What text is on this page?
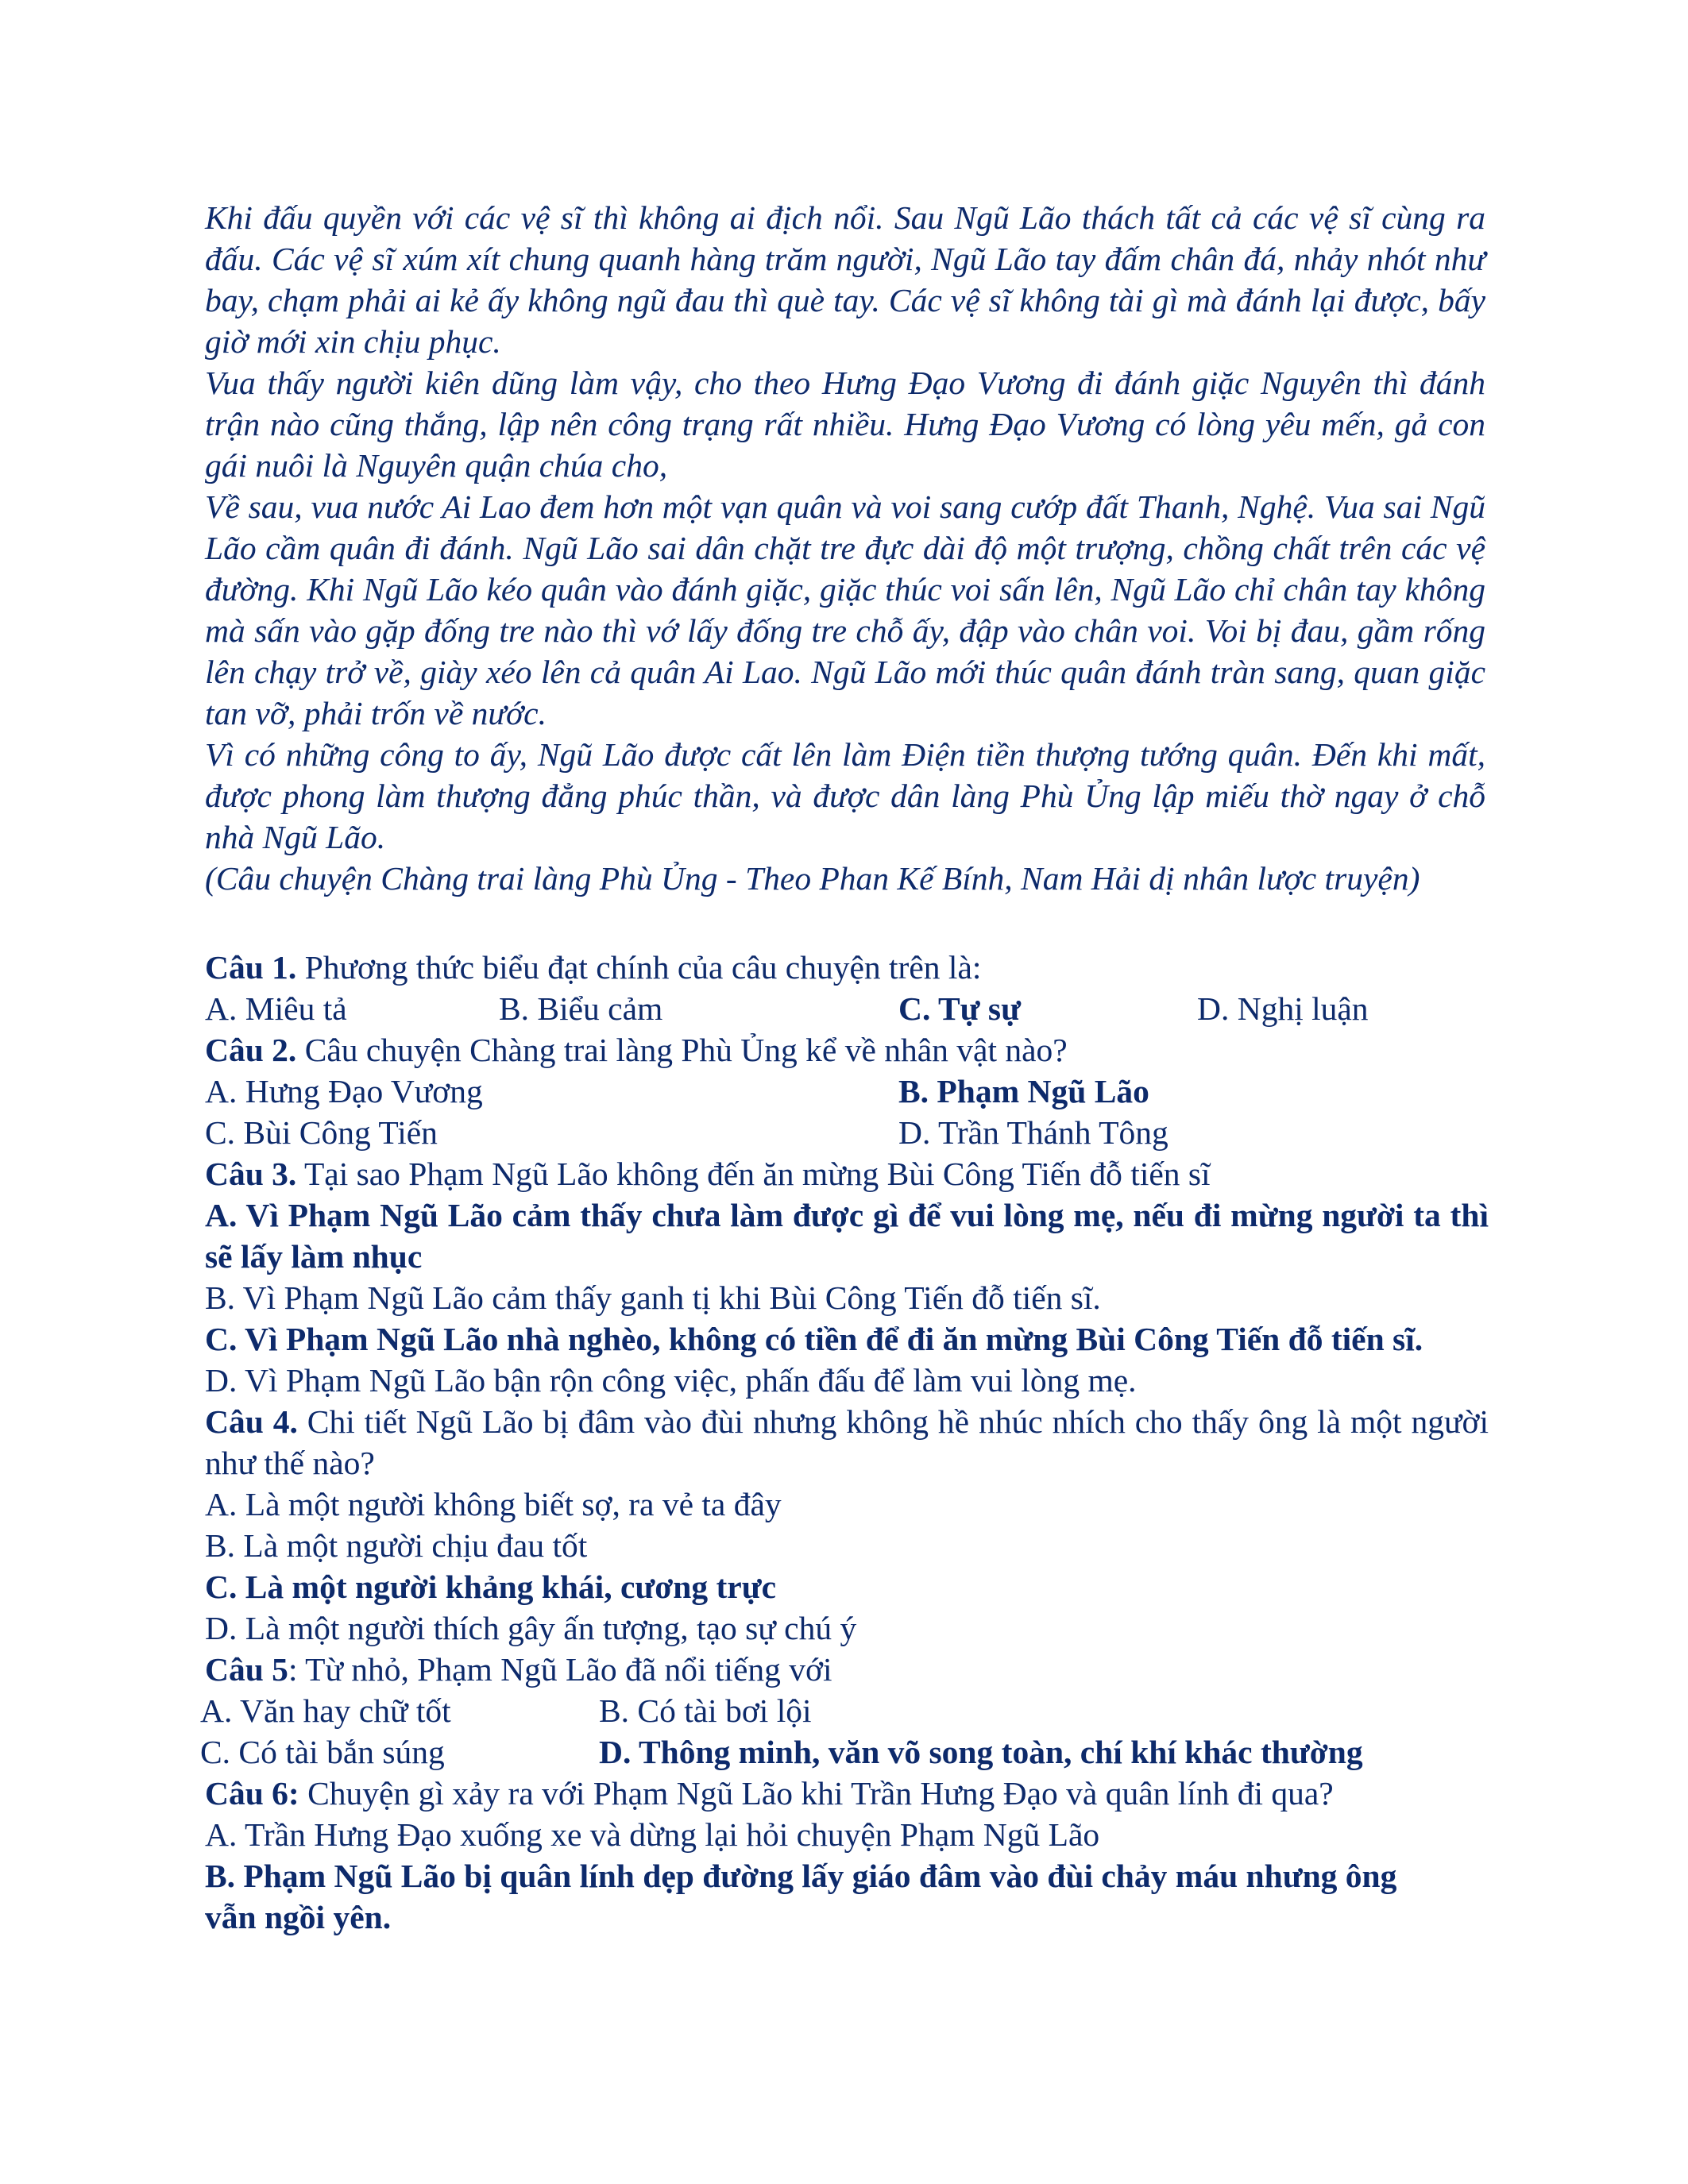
Khi đấu quyền với các vệ sĩ thì không ai địch nổi. Sau Ngũ Lão thách tất cả các vệ sĩ cùng ra đấu. Các vệ sĩ xúm xít chung quanh hàng trăm người, Ngũ Lão tay đấm chân đá, nhảy nhót như bay, chạm phải ai kẻ ấy không ngũ đau thì què tay. Các vệ sĩ không tài gì mà đánh lại được, bấy giờ mới xin chịu phục.

Vua thấy người kiên dũng làm vậy, cho theo Hưng Đạo Vương đi đánh giặc Nguyên thì đánh trận nào cũng thắng, lập nên công trạng rất nhiều. Hưng Đạo Vương có lòng yêu mến, gả con gái nuôi là Nguyên quận chúa cho,

Về sau, vua nước Ai Lao đem hơn một vạn quân và voi sang cướp đất Thanh, Nghệ. Vua sai Ngũ Lão cầm quân đi đánh. Ngũ Lão sai dân chặt tre đực dài độ một trượng, chồng chất trên các vệ đường. Khi Ngũ Lão kéo quân vào đánh giặc, giặc thúc voi sấn lên, Ngũ Lão chỉ chân tay không mà sấn vào gặp đống tre nào thì vớ lấy đống tre chỗ ấy, đập vào chân voi. Voi bị đau, gầm rống lên chạy trở về, giày xéo lên cả quân Ai Lao. Ngũ Lão mới thúc quân đánh tràn sang, quan giặc tan vỡ, phải trốn về nước.

Vì có những công to ấy, Ngũ Lão được cất lên làm Điện tiền thượng tướng quân. Đến khi mất, được phong làm thượng đẳng phúc thần, và được dân làng Phù Ủng lập miếu thờ ngay ở chỗ nhà Ngũ Lão.

(Câu chuyện Chàng trai làng Phù Ủng - Theo Phan Kế Bính, Nam Hải dị nhân lược truyện)

Câu 1. Phương thức biểu đạt chính của câu chuyện trên là:

A. Miêu tả	B. Biểu cảm	C. Tự sự	D. Nghị luận

Câu 2. Câu chuyện Chàng trai làng Phù Ủng kể về nhân vật nào?

A. Hưng Đạo Vương	B. Phạm Ngũ Lão
C. Bùi Công Tiến	D. Trần Thánh Tông

Câu 3. Tại sao Phạm Ngũ Lão không đến ăn mừng Bùi Công Tiến đỗ tiến sĩ

A. Vì Phạm Ngũ Lão cảm thấy chưa làm được gì để vui lòng mẹ, nếu đi mừng người ta thì sẽ lấy làm nhục

B. Vì Phạm Ngũ Lão cảm thấy ganh tị khi Bùi Công Tiến đỗ tiến sĩ.

C. Vì Phạm Ngũ Lão nhà nghèo, không có tiền để đi ăn mừng Bùi Công Tiến đỗ tiến sĩ.

D. Vì Phạm Ngũ Lão bận rộn công việc, phấn đấu để làm vui lòng mẹ.

Câu 4. Chi tiết Ngũ Lão bị đâm vào đùi nhưng không hề nhúc nhích cho thấy ông là một người như thế nào?

A. Là một người không biết sợ, ra vẻ ta đây

B. Là một người chịu đau tốt

C. Là một người khảng khái, cương trực

D. Là một người thích gây ấn tượng, tạo sự chú ý

Câu 5: Từ nhỏ, Phạm Ngũ Lão đã nổi tiếng với

A. Văn hay chữ tốt	B. Có tài bơi lội
C. Có tài bắn súng	D. Thông minh, văn võ song toàn, chí khí khác thường

Câu 6: Chuyện gì xảy ra với Phạm Ngũ Lão khi Trần Hưng Đạo và quân lính đi qua?

A. Trần Hưng Đạo xuống xe và dừng lại hỏi chuyện Phạm Ngũ Lão

B. Phạm Ngũ Lão bị quân lính dẹp đường lấy giáo đâm vào đùi chảy máu nhưng ông vẫn ngồi yên.
